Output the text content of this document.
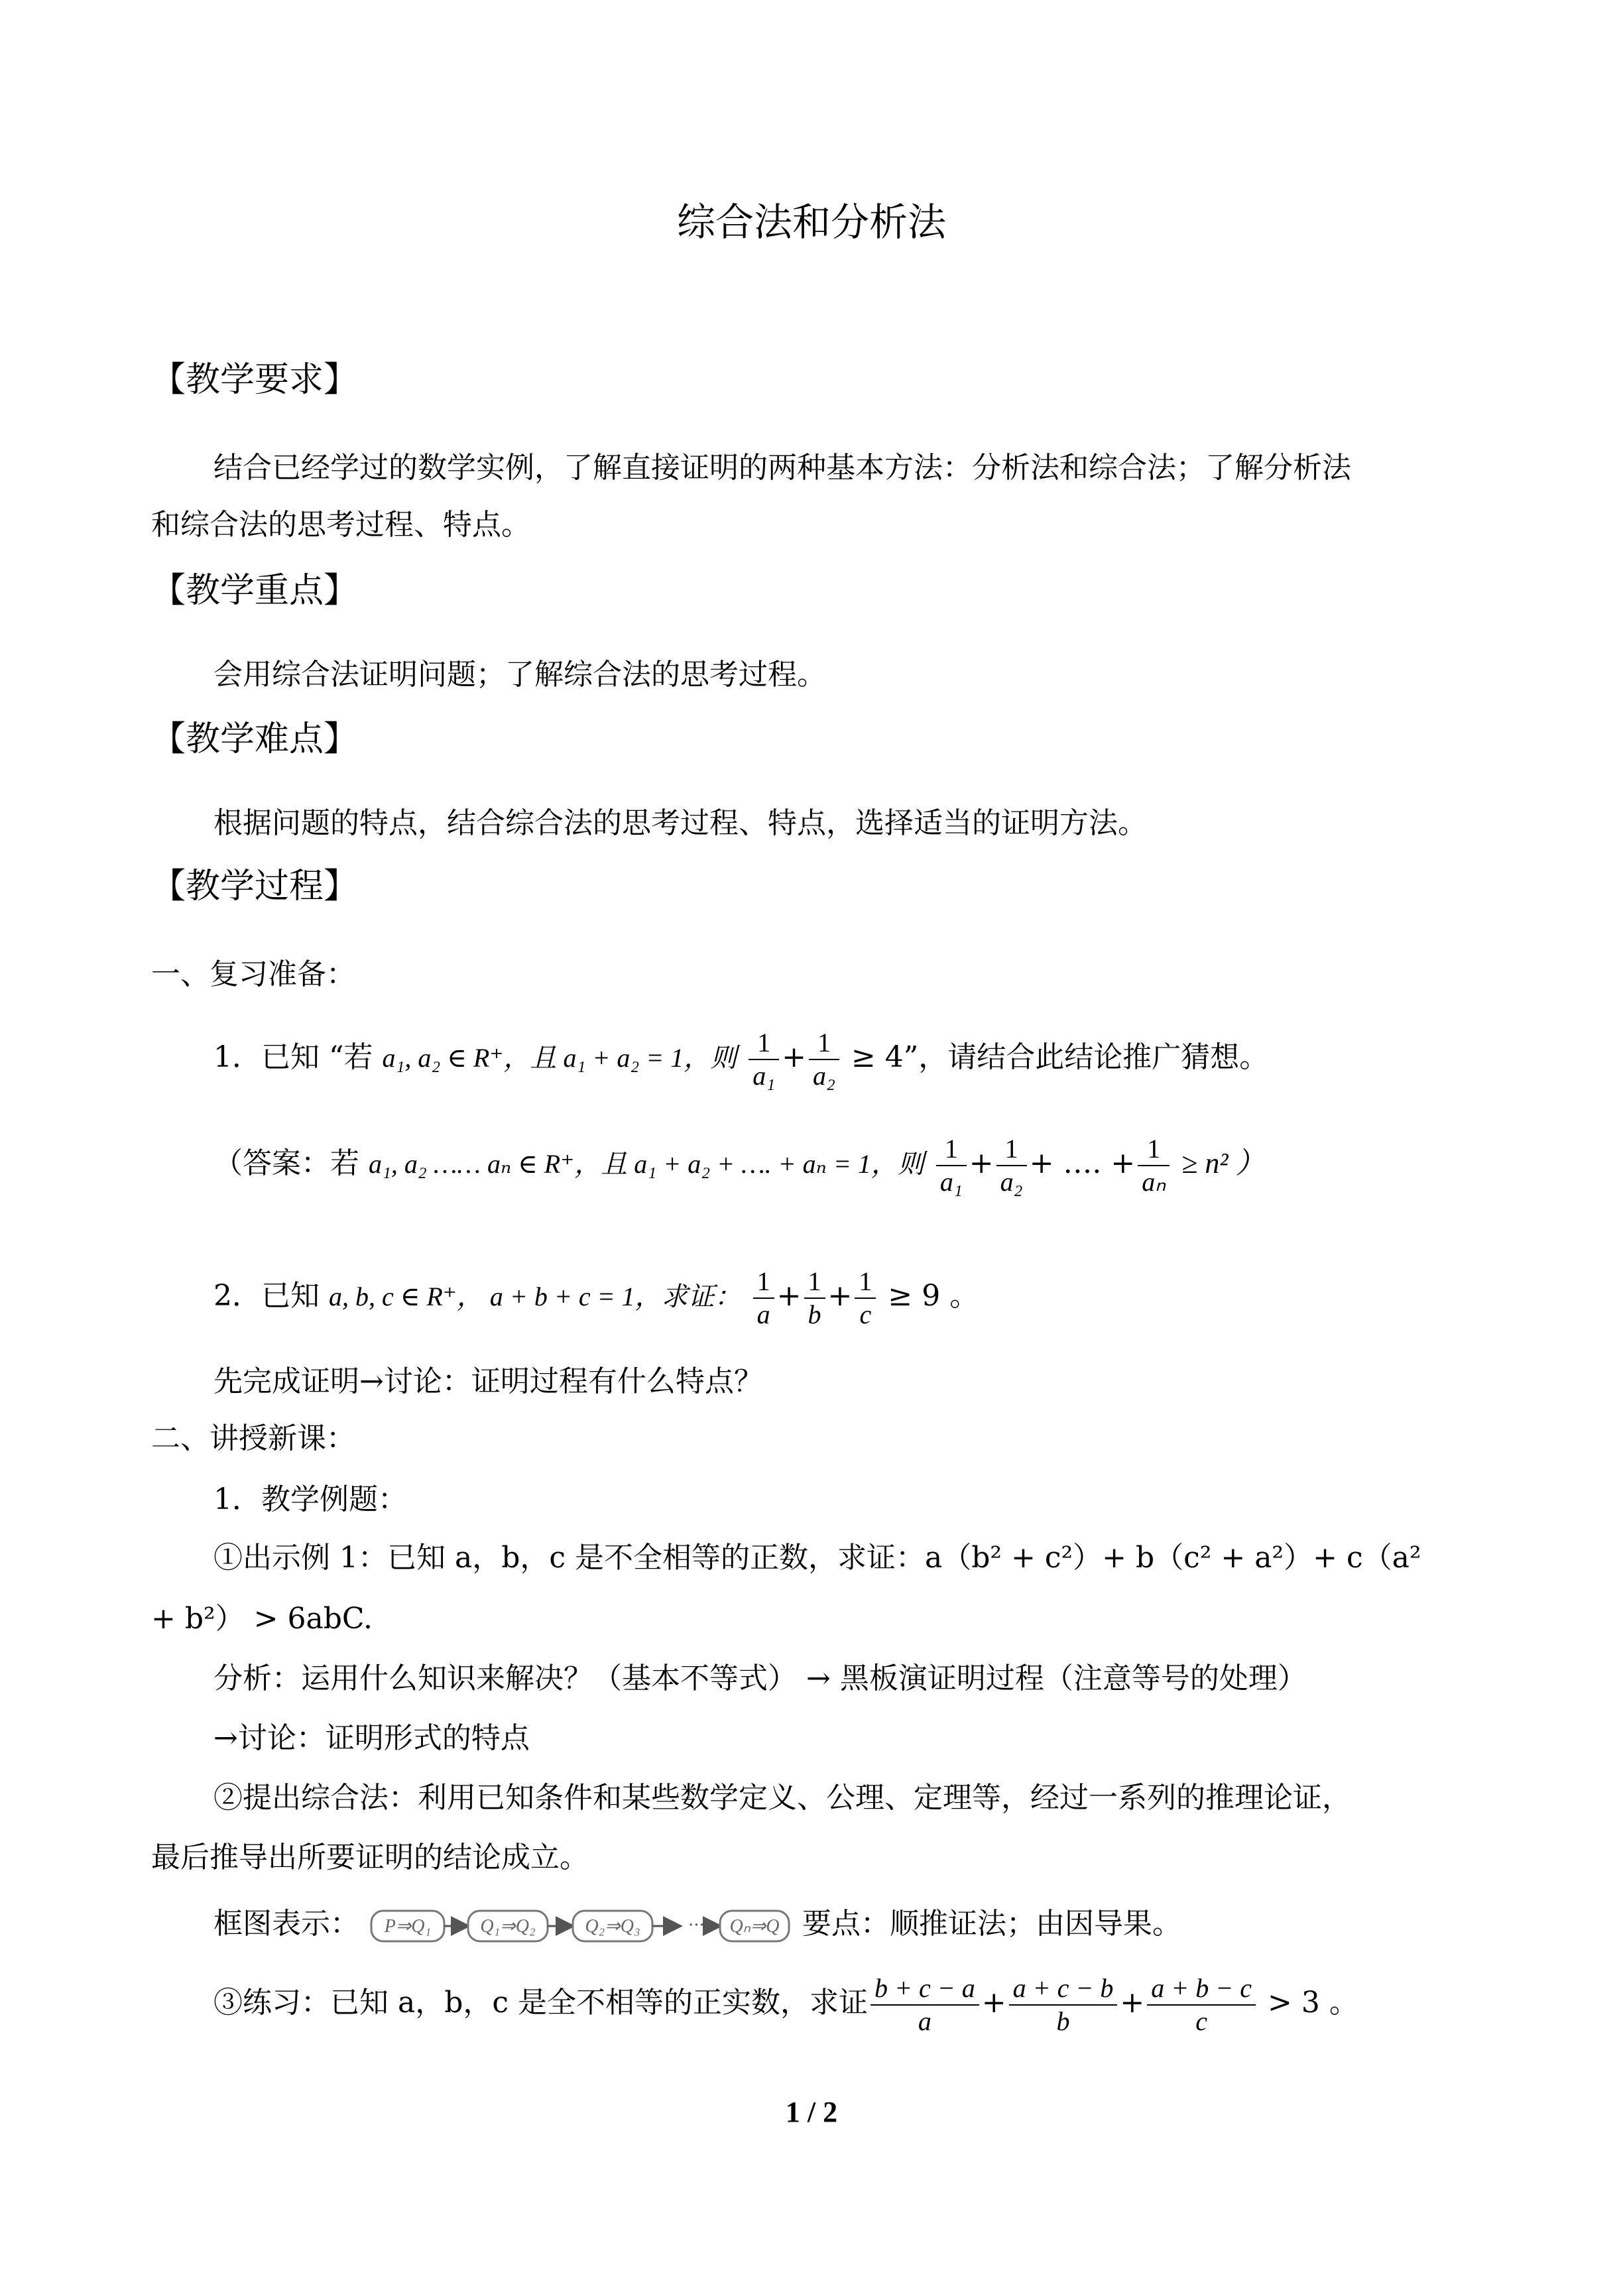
综合法和分析法
【教学要求】
结合已经学过的数学实例，了解直接证明的两种基本方法：分析法和综合法；了解分析法
和综合法的思考过程、特点。
【教学重点】
会用综合法证明问题；了解综合法的思考过程。
【教学难点】
根据问题的特点，结合综合法的思考过程、特点，选择适当的证明方法。
【教学过程】
一、复习准备：
1．已知 “若 a₁, a₂ ∈ R⁺，且 a₁ + a₂ = 1，则 $\frac{1}{\text{a₁}} + \frac{1}{\text{a₂}} \ge 4$”，请结合此结论推广猜想。
（答案：若 a₁, a₂ …… aₙ ∈ R⁺，且 a₁ + a₂ + …. + aₙ = 1，则 $\frac{1}{\text{a₁}} + \frac{1}{\text{a₂}}$ + …. + $\frac{1}{\text{aₙ}} \ge n^2$ ）
2．已知 a, b, c ∈ R⁺， a + b + c = 1，求证： $\frac{1}{a} + \frac{1}{b} + \frac{1}{c} \ge 9$ 。
先完成证明→讨论：证明过程有什么特点？
二、讲授新课：
1．教学例题：
①出示例 1：已知 a，b，c 是不全相等的正数，求证：a（b² + c²）+ b（c² + a²）+ c（a²
+ b²） > 6abC.
分析：运用什么知识来解决？（基本不等式） → 黑板演证明过程（注意等号的处理）
→讨论：证明形式的特点
②提出综合法：利用已知条件和某些数学定义、公理、定理等，经过一系列的推理论证，
最后推导出所要证明的结论成立。
框图表示： P⇒Q₁	Q₁⇒Q₂	Q₂⇒Q₃	··· Qₙ⇒Q 要点：顺推证法；由因导果。
③练习：已知 a，b，c 是全不相等的正实数，求证 $\frac{b + c - a}{a} + \frac{a + c - b}{b} + \frac{a + b - c}{c} > 3$ 。
1 / 2
